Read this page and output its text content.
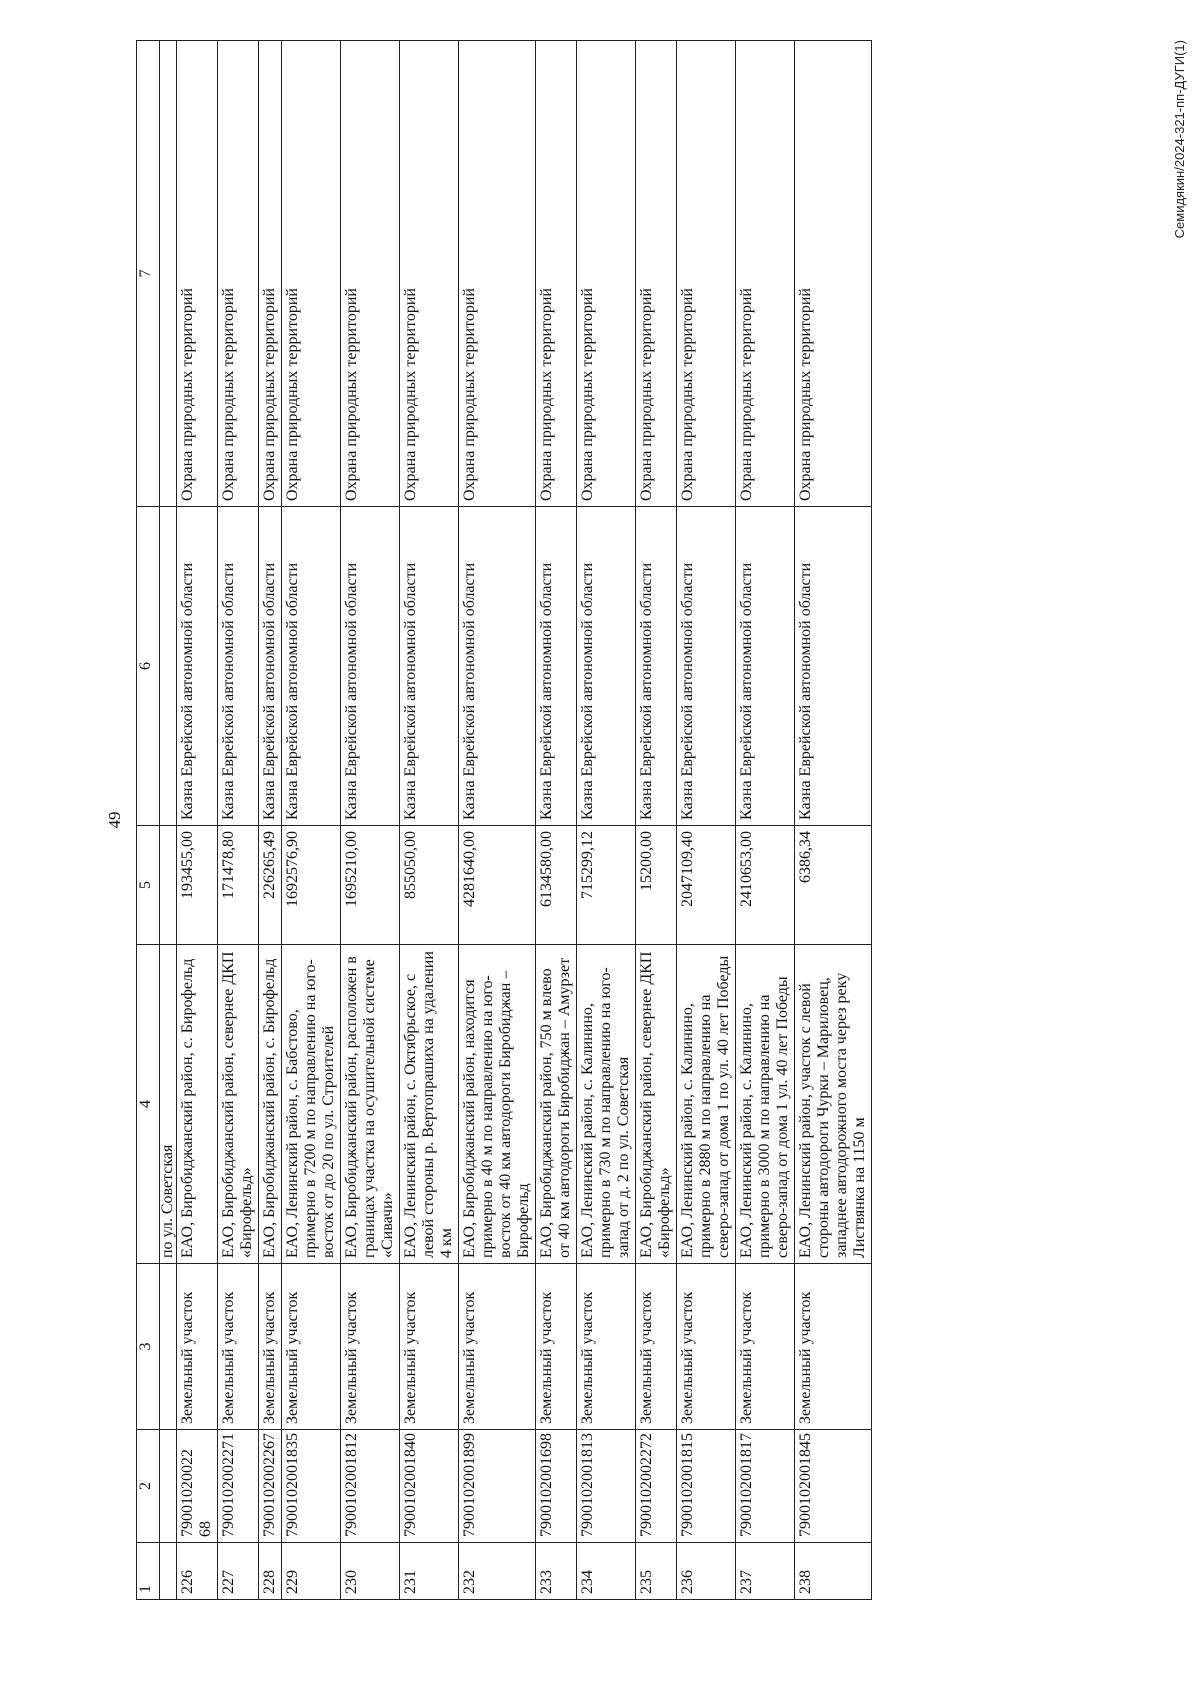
49
1	2	3	4	5	6	7
			по ул. Советская			
226	79001020022​68	Земельный участок	ЕАО, Биробиджанский район, с. Бирофельд	193455,00	Казна Еврейской автономной области	Охрана природных территорий
227	7900102002271	Земельный участок	ЕАО, Биробиджанский район, севернее ДКП «Бирофельд»	171478,80	Казна Еврейской автономной области	Охрана природных территорий
228	7900102002267	Земельный участок	ЕАО, Биробиджанский район, с. Бирофельд	226265,49	Казна Еврейской автономной области	Охрана природных территорий
229	7900102001835	Земельный участок	ЕАО, Ленинский район, с. Бабстово, примерно в 7200 м по направлению на юго-восток от до 20 по ул. Строителей	1692576,90	Казна Еврейской автономной области	Охрана природных территорий
230	7900102001812	Земельный участок	ЕАО, Биробиджанский район, расположен в границах участка на осушительной системе «Сивачи»	1695210,00	Казна Еврейской автономной области	Охрана природных территорий
231	7900102001840	Земельный участок	ЕАО, Ленинский район, с. Октябрьское, с левой стороны р. Вертопрашиха на удалении 4 км	855050,00	Казна Еврейской автономной области	Охрана природных территорий
232	7900102001899	Земельный участок	ЕАО, Биробиджанский район, находится примерно в 40 м по направлению на юго-восток от 40 км автодороги Биробиджан – Бирофельд	4281640,00	Казна Еврейской автономной области	Охрана природных территорий
233	7900102001698	Земельный участок	ЕАО, Биробиджанский район, 750 м влево от 40 км автодороги Биробиджан – Амурзет	6134580,00	Казна Еврейской автономной области	Охрана природных территорий
234	7900102001813	Земельный участок	ЕАО, Ленинский район, с. Калинино, примерно в 730 м по направлению на юго-запад от д. 2 по ул. Советская	715299,12	Казна Еврейской автономной области	Охрана природных территорий
235	7900102002272	Земельный участок	ЕАО, Биробиджанский район, севернее ДКП «Бирофельд»	15200,00	Казна Еврейской автономной области	Охрана природных территорий
236	7900102001815	Земельный участок	ЕАО, Ленинский район, с. Калинино, примерно в 2880 м по направлению на северо-запад от дома 1 по ул. 40 лет Победы	2047109,40	Казна Еврейской автономной области	Охрана природных территорий
237	7900102001817	Земельный участок	ЕАО, Ленинский район, с. Калинино, примерно в 3000 м по направлению на северо-запад от дома 1 ул. 40 лет Победы	2410653,00	Казна Еврейской автономной области	Охрана природных территорий
238	7900102001845	Земельный участок	ЕАО, Ленинский район, участок с левой стороны автодороги Чурки – Мариловец, западнее автодорожного моста через реку Листвянка на 1150 м	6386,34	Казна Еврейской автономной области	Охрана природных территорий
Семидякин/2024-321-пп-ДУГИ(1)
